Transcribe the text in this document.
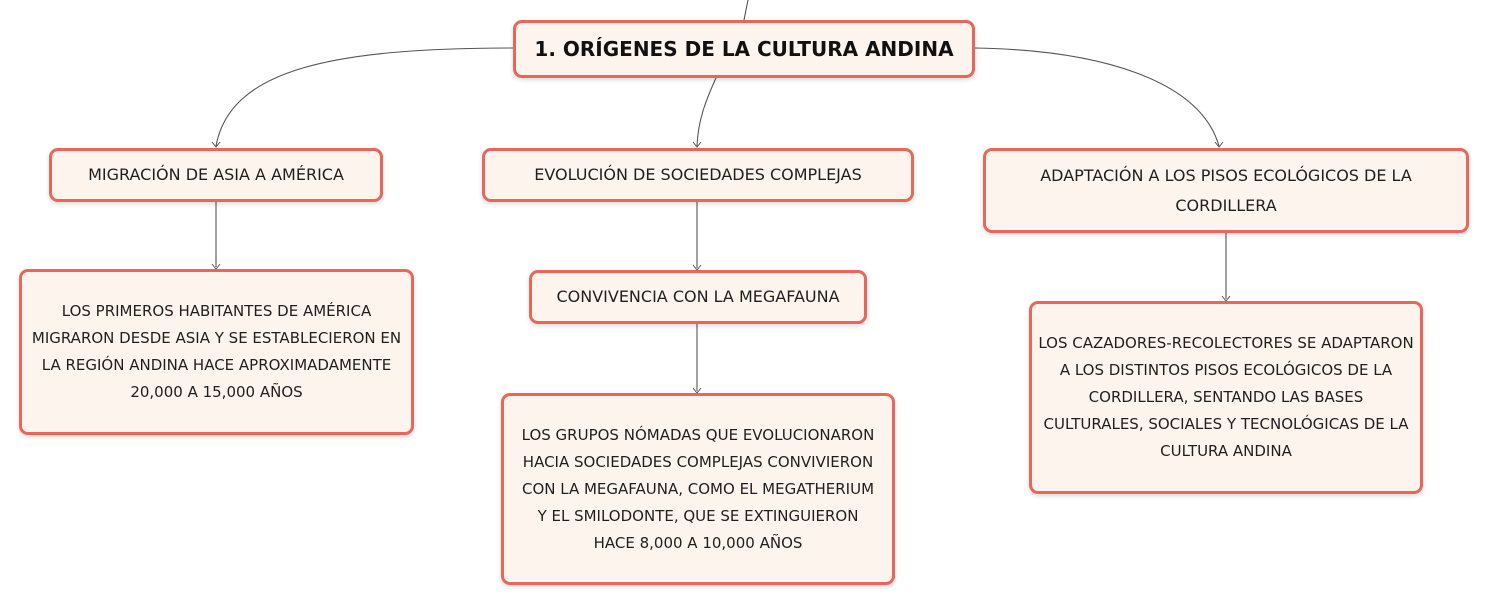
1. ORÍGENES DE LA CULTURA ANDINA
MIGRACIÓN DE ASIA A AMÉRICA	EVOLUCIÓN DE SOCIEDADES COMPLEJAS	ADAPTACIÓN A LOS PISOS ECOLÓGICOS DE LA CORDILLERA
CONVIVENCIA CON LA MEGAFAUNA
LOS PRIMEROS HABITANTES DE AMÉRICA MIGRARON DESDE ASIA Y SE ESTABLECIERON EN LA REGIÓN ANDINA HACE APROXIMADAMENTE 20,000 A 15,000 AÑOS
LOS GRUPOS NÓMADAS QUE EVOLUCIONARON HACIA SOCIEDADES COMPLEJAS CONVIVIERON CON LA MEGAFAUNA, COMO EL MEGATHERIUM Y EL SMILODONTE, QUE SE EXTINGUIERON HACE 8,000 A 10,000 AÑOS
LOS CAZADORES-RECOLECTORES SE ADAPTARON A LOS DISTINTOS PISOS ECOLÓGICOS DE LA CORDILLERA, SENTANDO LAS BASES CULTURALES, SOCIALES Y TECNOLÓGICAS DE LA CULTURA ANDINA
